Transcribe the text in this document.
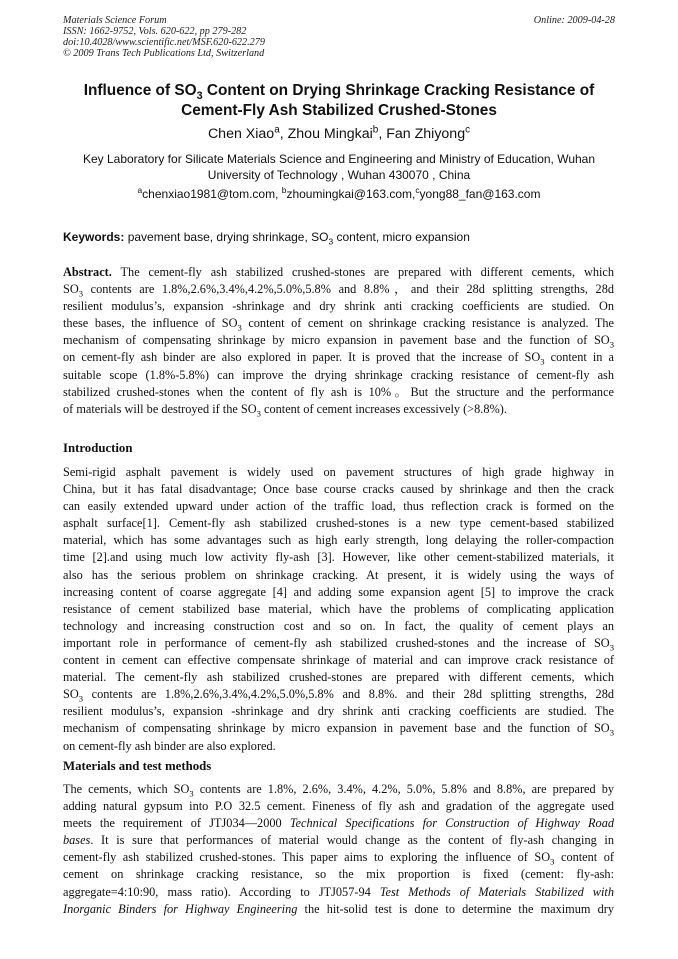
Materials Science Forum
ISSN: 1662-9752, Vols. 620-622, pp 279-282
doi:10.4028/www.scientific.net/MSF.620-622.279
© 2009 Trans Tech Publications Ltd, Switzerland
Online: 2009-04-28
Influence of $SO_3$ Content on Drying Shrinkage Cracking Resistance of
Cement-Fly Ash Stabilized Crushed-Stones
Chen Xiao$^a$, Zhou Mingkai$^b$, Fan Zhiyong$^c$
Key Laboratory for Silicate Materials Science and Engineering and Ministry of Education, Wuhan
University of Technology , Wuhan 430070 , China
$^a$chenxiao1981@tom.com, $^b$zhoumingkai@163.com,$^c$yong88_fan@163.com
Keywords: pavement base, drying shrinkage, $SO_3$ content, micro expansion
Abstract. The cement-fly ash stabilized crushed-stones are prepared with different cements, which
$SO_3$ contents are 1.8%,2.6%,3.4%,4.2%,5.0%,5.8% and 8.8%，and their 28d splitting strengths, 28d
resilient modulus’s, expansion -shrinkage and dry shrink anti cracking coefficients are studied. On
these bases, the influence of $SO_3$ content of cement on shrinkage cracking resistance is analyzed. The
mechanism of compensating shrinkage by micro expansion in pavement base and the function of $SO_3$
on cement-fly ash binder are also explored in paper. It is proved that the increase of $SO_3$ content in a
suitable scope (1.8%-5.8%) can improve the drying shrinkage cracking resistance of cement-fly ash
stabilized crushed-stones when the content of fly ash is 10%。But the structure and the performance
of materials will be destroyed if the $SO_3$ content of cement increases excessively (>8.8%).
Introduction
Semi-rigid asphalt pavement is widely used on pavement structures of high grade highway in
China, but it has fatal disadvantage; Once base course cracks caused by shrinkage and then the crack
can easily extended upward under action of the traffic load, thus reflection crack is formed on the
asphalt surface[1]. Cement-fly ash stabilized crushed-stones is a new type cement-based stabilized
material, which has some advantages such as high early strength, long delaying the roller-compaction
time [2].and using much low activity fly-ash [3]. However, like other cement-stabilized materials, it
also has the serious problem on shrinkage cracking. At present, it is widely using the ways of
increasing content of coarse aggregate [4] and adding some expansion agent [5] to improve the crack
resistance of cement stabilized base material, which have the problems of complicating application
technology and increasing construction cost and so on. In fact, the quality of cement plays an
important role in performance of cement-fly ash stabilized crushed-stones and the increase of $SO_3$
content in cement can effective compensate shrinkage of material and can improve crack resistance of
material. The cement-fly ash stabilized crushed-stones are prepared with different cements, which
$SO_3$ contents are 1.8%,2.6%,3.4%,4.2%,5.0%,5.8% and 8.8%. and their 28d splitting strengths, 28d
resilient modulus’s, expansion -shrinkage and dry shrink anti cracking coefficients are studied. The
mechanism of compensating shrinkage by micro expansion in pavement base and the function of $SO_3$
on cement-fly ash binder are also explored.
Materials and test methods
The cements, which $SO_3$ contents are 1.8%, 2.6%, 3.4%, 4.2%, 5.0%, 5.8% and 8.8%, are prepared by
adding natural gypsum into P.O 32.5 cement. Fineness of fly ash and gradation of the aggregate used
meets the requirement of JTJ034—2000 Technical Specifications for Construction of Highway Road
bases. It is sure that performances of material would change as the content of fly-ash changing in
cement-fly ash stabilized crushed-stones. This paper aims to exploring the influence of $SO_3$ content of
cement on shrinkage cracking resistance, so the mix proportion is fixed (cement: fly-ash:
aggregate=4:10:90, mass ratio). According to JTJ057-94 Test Methods of Materials Stabilized with
Inorganic Binders for Highway Engineering the hit-solid test is done to determine the maximum dry
